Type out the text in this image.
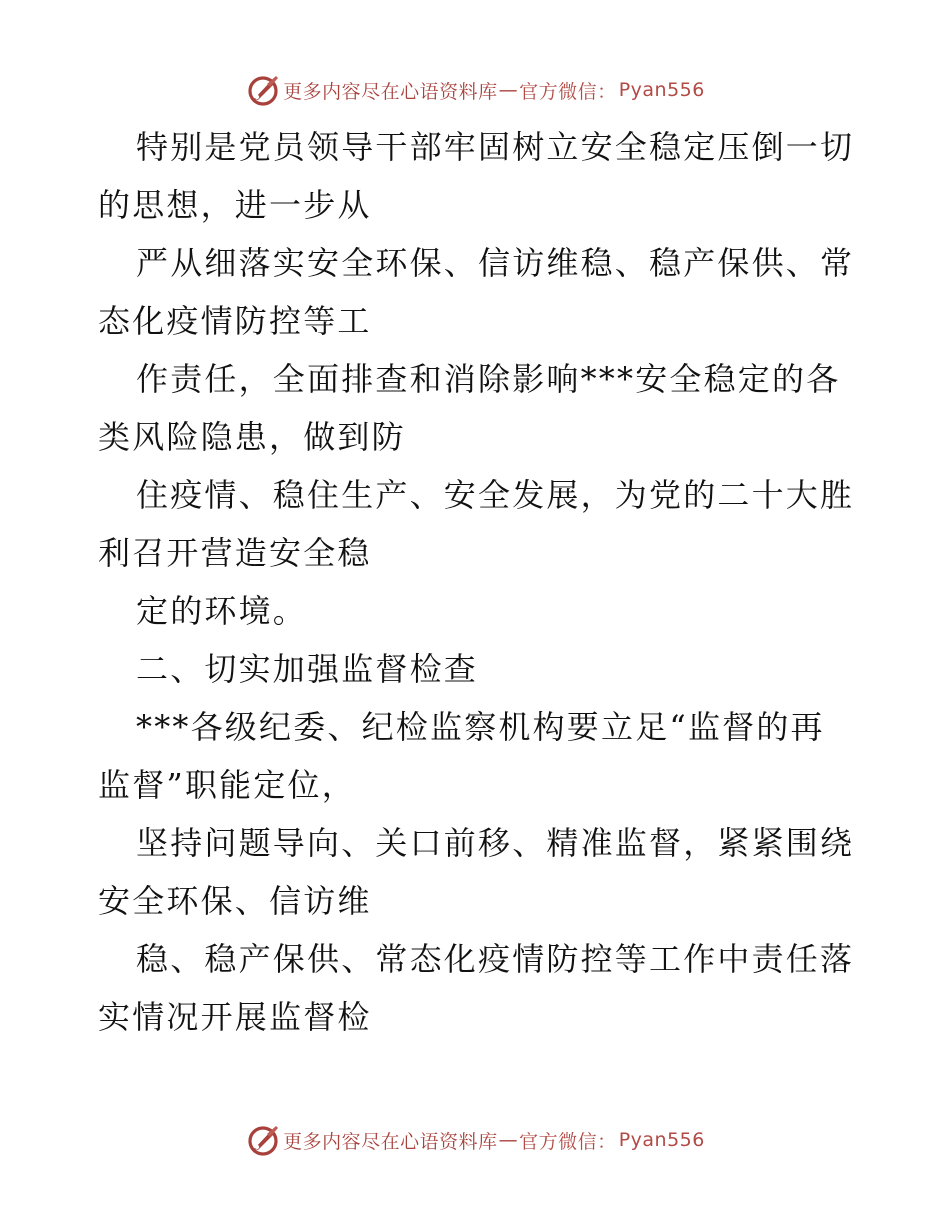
更多内容尽在心语资料库 — 官方微信： Pyan556
特别是党员领导干部牢固树立安全稳定压倒一切
的思想，进一步从
严从细落实安全环保、信访维稳、稳产保供、常
态化疫情防控等工
作责任，全面排查和消除影响***安全稳定的各
类风险隐患，做到防
住疫情、稳住生产、安全发展，为党的二十大胜
利召开营造安全稳
定的环境。
二、切实加强监督检查
***各级纪委、纪检监察机构要立足“监督的再
监督”职能定位，
坚持问题导向、关口前移、精准监督，紧紧围绕
安全环保、信访维
稳、稳产保供、常态化疫情防控等工作中责任落
实情况开展监督检
更多内容尽在心语资料库 — 官方微信： Pyan556
